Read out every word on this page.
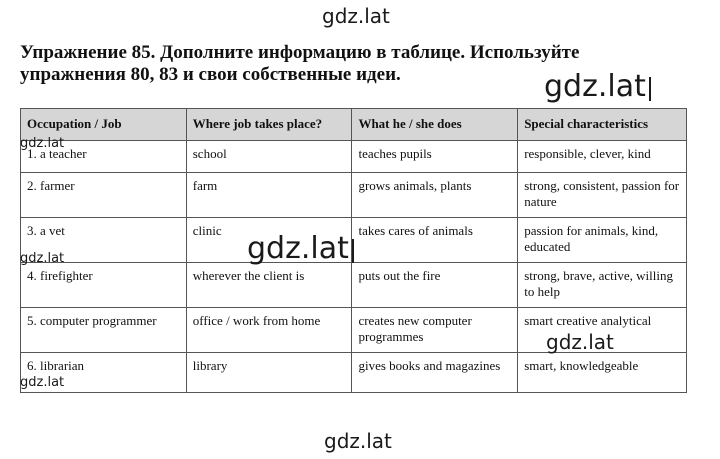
gdz.lat
Упражнение 85. Дополните информацию в таблице. Используйте
упражнения 80, 83 и свои собственные идеи.	gdz.lat
Occupation / Job	Where job takes place?	What he / she does	Special characteristics
1. a teacher	school	teaches pupils	responsible, clever, kind
2. farmer	farm	grows animals, plants	strong, consistent, passion for nature
3. a vet	clinic	takes cares of animals	passion for animals, kind, educated
4. firefighter	wherever the client is	puts out the fire	strong, brave, active, willing to help
5. computer programmer	office / work from home	creates new computer programmes	smart creative analytical
6. librarian	library	gives books and magazines	smart, knowledgeable
gdz.lat
gdz.lat
gdz.lat
gdz.lat
gdz.lat
gdz.lat
